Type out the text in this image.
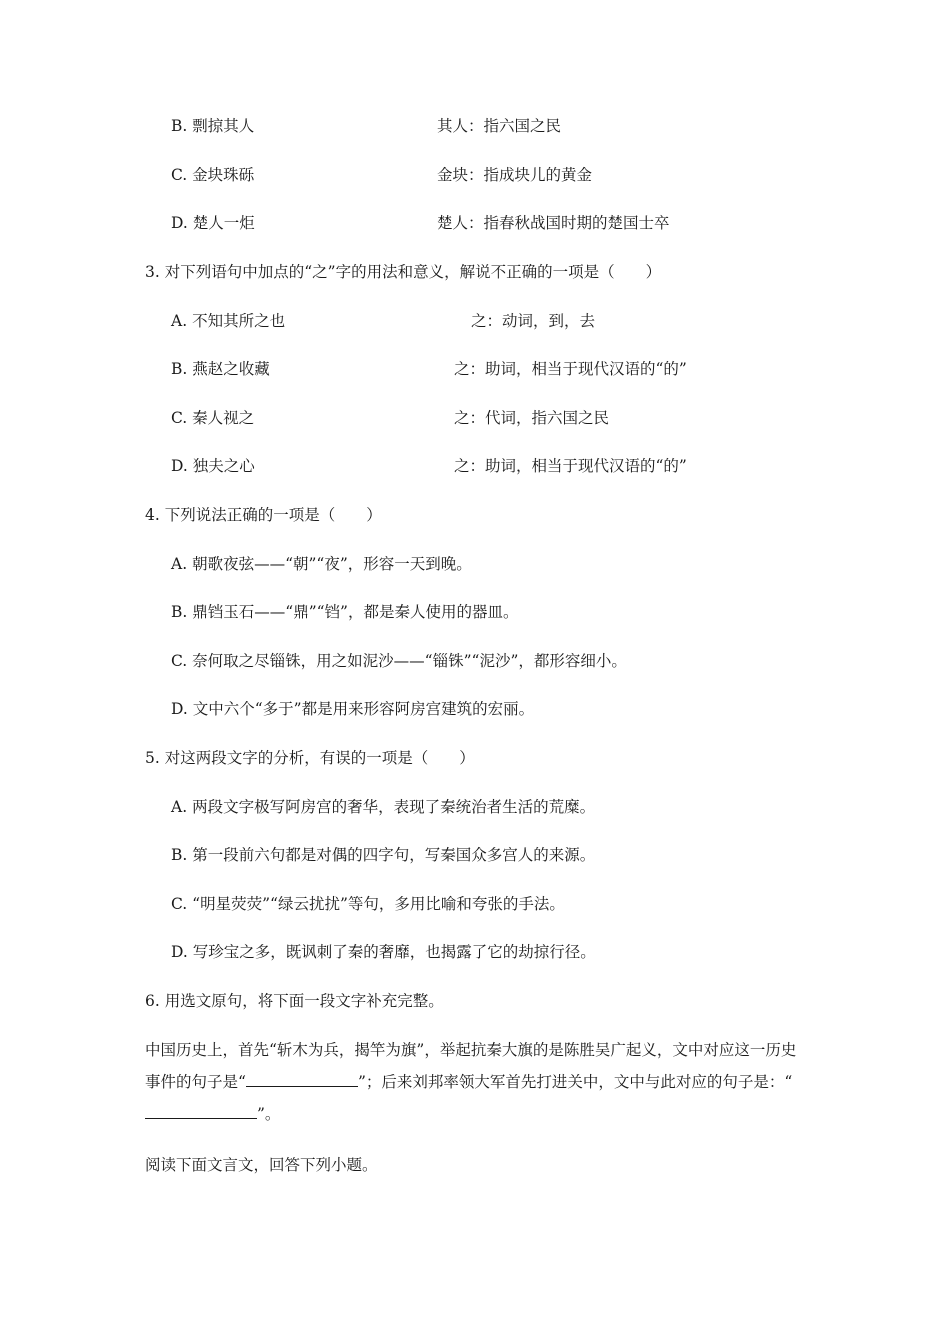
B. 剽掠其人	其人：指六国之民
C. 金块珠砾	金块：指成块儿的黄金
D. 楚人一炬	楚人：指春秋战国时期的楚国士卒
3. 对下列语句中加点的“之”字的用法和意义，解说不正确的一项是（　　）
A. 不知其所之也	之：动词，到，去
B. 燕赵之收藏	之：助词，相当于现代汉语的“的”
C. 秦人视之	之：代词，指六国之民
D. 独夫之心	之：助词，相当于现代汉语的“的”
4. 下列说法正确的一项是（　　）
A. 朝歌夜弦——“朝”“夜”，形容一天到晚。
B. 鼎铛玉石——“鼎”“铛”，都是秦人使用的器皿。
C. 奈何取之尽锱铢，用之如泥沙——“锱铢”“泥沙”，都形容细小。
D. 文中六个“多于”都是用来形容阿房宫建筑的宏丽。
5. 对这两段文字的分析，有误的一项是（　　）
A. 两段文字极写阿房宫的奢华，表现了秦统治者生活的荒糜。
B. 第一段前六句都是对偶的四字句，写秦国众多宫人的来源。
C. “明星荧荧”“绿云扰扰”等句，多用比喻和夸张的手法。
D. 写珍宝之多，既讽刺了秦的奢靡，也揭露了它的劫掠行径。
6. 用选文原句，将下面一段文字补充完整。
中国历史上，首先“斩木为兵，揭竿为旗”，举起抗秦大旗的是陈胜吴广起义，文中对应这一历史事件的句子是“	”；后来刘邦率领大军首先打进关中，文中与此对应的句子是：“”。
阅读下面文言文，回答下列小题。
